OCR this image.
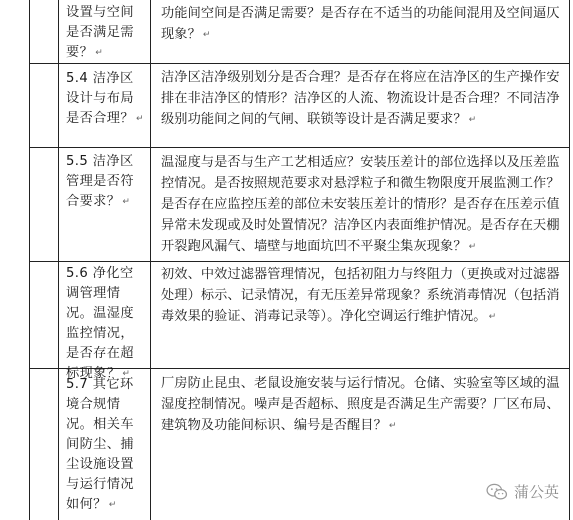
设置与空间是否满足需要？ ↵
功能间空间是否满足需要？是否存在不适当的功能间混用及空间逼仄现象？ ↵
5.4 洁净区设计与布局是否合理？ ↵
洁净区洁净级别划分是否合理？是否存在将应在洁净区的生产操作安排在非洁净区的情形？洁净区的人流、物流设计是否合理？不同洁净级别功能间之间的气闸、联锁等设计是否满足要求？ ↵
5.5 洁净区管理是否符合要求？ ↵
温湿度与是否与生产工艺相适应？安装压差计的部位选择以及压差监控情况。是否按照规范要求对悬浮粒子和微生物限度开展监测工作？是否存在应监控压差的部位未安装压差计的情形？是否存在压差示值异常未发现或及时处置情况？洁净区内表面维护情况。是否存在天棚开裂跑风漏气、墙壁与地面坑凹不平聚尘集灰现象？ ↵
5.6 净化空调管理情况。温湿度监控情况，是否存在超标现象？ ↵
初效、中效过滤器管理情况，包括初阻力与终阻力（更换或对过滤器处理）标示、记录情况，有无压差异常现象？系统消毒情况（包括消毒效果的验证、消毒记录等）。净化空调运行维护情况。 ↵
5.7 其它环境合规情况。相关车间防尘、捕尘设施设置与运行情况如何？ ↵
厂房防止昆虫、老鼠设施安装与运行情况。仓储、实验室等区域的温湿度控制情况。噪声是否超标、照度是否满足生产需要？厂区布局、建筑物及功能间标识、编号是否醒目？ ↵
蒲公英
